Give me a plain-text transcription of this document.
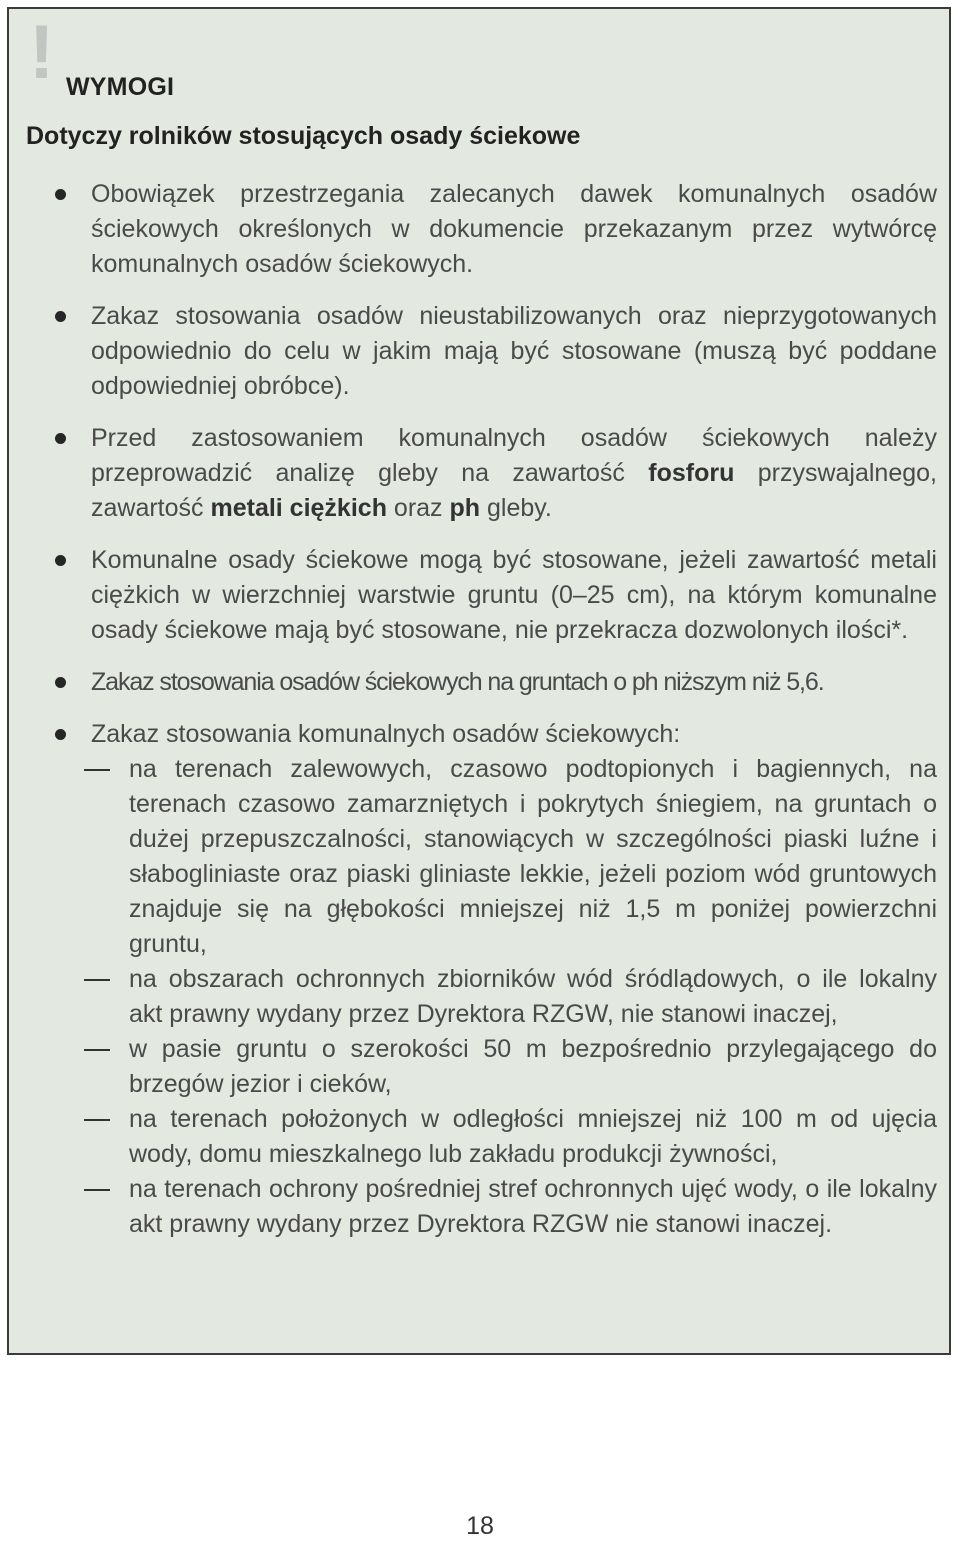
! WYMOGI
Dotyczy rolników stosujących osady ściekowe
Obowiązek przestrzegania zalecanych dawek komunalnych osadów ściekowych określonych w dokumencie przekazanym przez wytwórcę komunalnych osadów ściekowych.
Zakaz stosowania osadów nieustabilizowanych oraz nieprzygotowanych odpowiednio do celu w jakim mają być stosowane (muszą być poddane odpowiedniej obróbce).
Przed zastosowaniem komunalnych osadów ściekowych należy przeprowadzić analizę gleby na zawartość fosforu przyswajalnego, zawartość metali ciężkich oraz ph gleby.
Komunalne osady ściekowe mogą być stosowane, jeżeli zawartość metali ciężkich w wierzchniej warstwie gruntu (0–25 cm), na którym komunalne osady ściekowe mają być stosowane, nie przekracza dozwolonych ilości*.
Zakaz stosowania osadów ściekowych na gruntach o ph niższym niż 5,6.
Zakaz stosowania komunalnych osadów ściekowych:
na terenach zalewowych, czasowo podtopionych i bagiennych, na terenach czasowo zamarzniętych i pokrytych śniegiem, na gruntach o dużej przepuszczalności, stanowiących w szczególności piaski luźne i słabogliniaste oraz piaski gliniaste lekkie, jeżeli poziom wód gruntowych znajduje się na głębokości mniejszej niż 1,5 m poniżej powierzchni gruntu,
na obszarach ochronnych zbiorników wód śródlądowych, o ile lokalny akt prawny wydany przez Dyrektora RZGW, nie stanowi inaczej,
w pasie gruntu o szerokości 50 m bezpośrednio przylegającego do brzegów jezior i cieków,
na terenach położonych w odległości mniejszej niż 100 m od ujęcia wody, domu mieszkalnego lub zakładu produkcji żywności,
na terenach ochrony pośredniej stref ochronnych ujęć wody, o ile lokalny akt prawny wydany przez Dyrektora RZGW nie stanowi inaczej.
18
